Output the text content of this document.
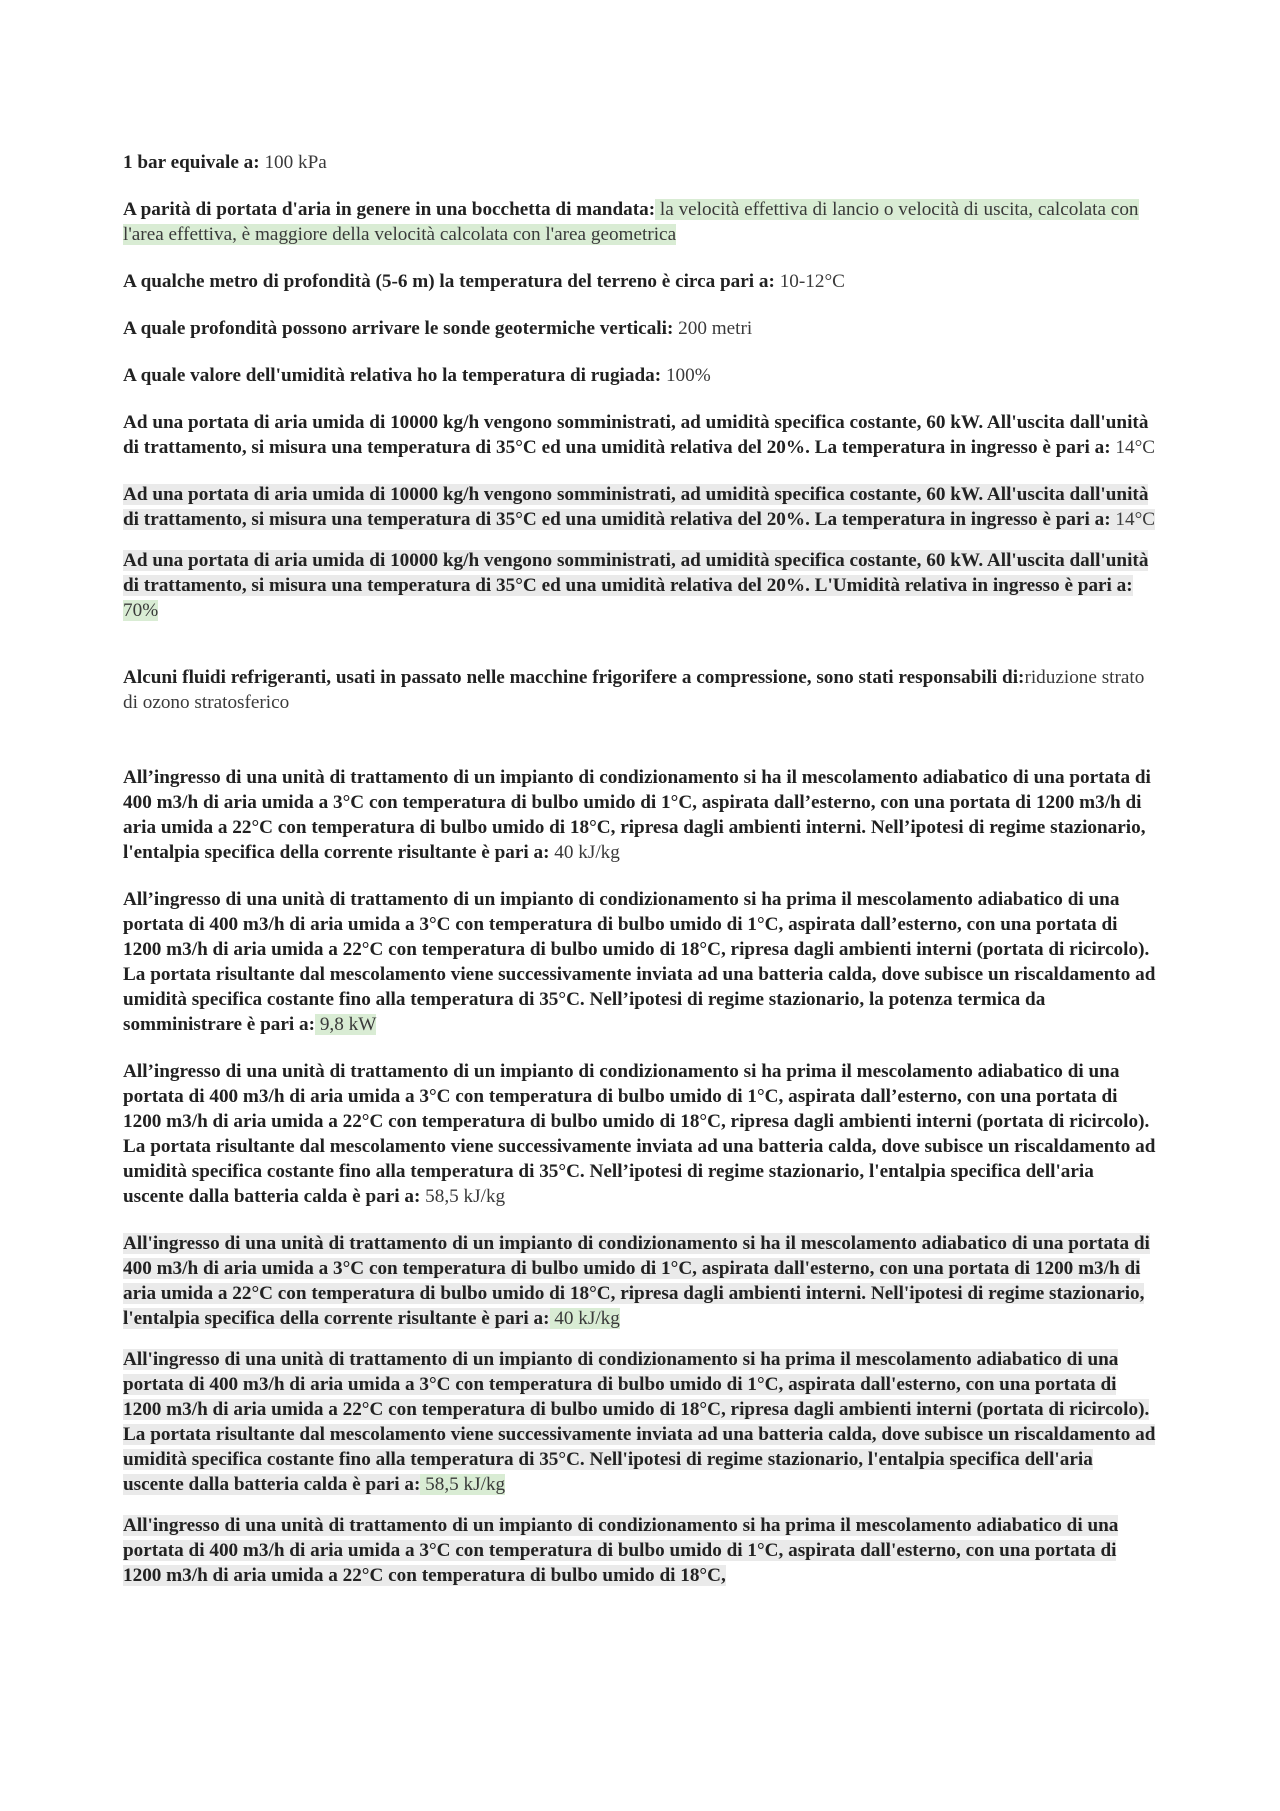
1 bar equivale a: 100 kPa

A parità di portata d'aria in genere in una bocchetta di mandata: la velocità effettiva di lancio o velocità di uscita, calcolata con l'area effettiva, è maggiore della velocità calcolata con l'area geometrica

A qualche metro di profondità (5-6 m) la temperatura del terreno è circa pari a: 10-12°C

A quale profondità possono arrivare le sonde geotermiche verticali: 200 metri

A quale valore dell'umidità relativa ho la temperatura di rugiada: 100%

Ad una portata di aria umida di 10000 kg/h vengono somministrati, ad umidità specifica costante, 60 kW. All'uscita dall'unità di trattamento, si misura una temperatura di 35°C ed una umidità relativa del 20%. La temperatura in ingresso è pari a: 14°C

Ad una portata di aria umida di 10000 kg/h vengono somministrati, ad umidità specifica costante, 60 kW. All'uscita dall'unità di trattamento, si misura una temperatura di 35°C ed una umidità relativa del 20%. La temperatura in ingresso è pari a: 14°C

Ad una portata di aria umida di 10000 kg/h vengono somministrati, ad umidità specifica costante, 60 kW. All'uscita dall'unità di trattamento, si misura una temperatura di 35°C ed una umidità relativa del 20%. L'Umidità relativa in ingresso è pari a: 70%

Alcuni fluidi refrigeranti, usati in passato nelle macchine frigorifere a compressione, sono stati responsabili di:riduzione strato di ozono stratosferico

All’ingresso di una unità di trattamento di un impianto di condizionamento si ha il mescolamento adiabatico di una portata di 400 m3/h di aria umida a 3°C con temperatura di bulbo umido di 1°C, aspirata dall’esterno, con una portata di 1200 m3/h di aria umida a 22°C con temperatura di bulbo umido di 18°C, ripresa dagli ambienti interni. Nell’ipotesi di regime stazionario, l'entalpia specifica della corrente risultante è pari a: 40 kJ/kg

All’ingresso di una unità di trattamento di un impianto di condizionamento si ha prima il mescolamento adiabatico di una portata di 400 m3/h di aria umida a 3°C con temperatura di bulbo umido di 1°C, aspirata dall’esterno, con una portata di 1200 m3/h di aria umida a 22°C con temperatura di bulbo umido di 18°C, ripresa dagli ambienti interni (portata di ricircolo). La portata risultante dal mescolamento viene successivamente inviata ad una batteria calda, dove subisce un riscaldamento ad umidità specifica costante fino alla temperatura di 35°C. Nell’ipotesi di regime stazionario, la potenza termica da somministrare è pari a: 9,8 kW

All’ingresso di una unità di trattamento di un impianto di condizionamento si ha prima il mescolamento adiabatico di una portata di 400 m3/h di aria umida a 3°C con temperatura di bulbo umido di 1°C, aspirata dall’esterno, con una portata di 1200 m3/h di aria umida a 22°C con temperatura di bulbo umido di 18°C, ripresa dagli ambienti interni (portata di ricircolo). La portata risultante dal mescolamento viene successivamente inviata ad una batteria calda, dove subisce un riscaldamento ad umidità specifica costante fino alla temperatura di 35°C. Nell’ipotesi di regime stazionario, l'entalpia specifica dell'aria uscente dalla batteria calda è pari a: 58,5 kJ/kg

All'ingresso di una unità di trattamento di un impianto di condizionamento si ha il mescolamento adiabatico di una portata di 400 m3/h di aria umida a 3°C con temperatura di bulbo umido di 1°C, aspirata dall'esterno, con una portata di 1200 m3/h di aria umida a 22°C con temperatura di bulbo umido di 18°C, ripresa dagli ambienti interni. Nell'ipotesi di regime stazionario, l'entalpia specifica della corrente risultante è pari a: 40 kJ/kg

All'ingresso di una unità di trattamento di un impianto di condizionamento si ha prima il mescolamento adiabatico di una portata di 400 m3/h di aria umida a 3°C con temperatura di bulbo umido di 1°C, aspirata dall'esterno, con una portata di 1200 m3/h di aria umida a 22°C con temperatura di bulbo umido di 18°C, ripresa dagli ambienti interni (portata di ricircolo). La portata risultante dal mescolamento viene successivamente inviata ad una batteria calda, dove subisce un riscaldamento ad umidità specifica costante fino alla temperatura di 35°C. Nell'ipotesi di regime stazionario, l'entalpia specifica dell'aria uscente dalla batteria calda è pari a: 58,5 kJ/kg

All'ingresso di una unità di trattamento di un impianto di condizionamento si ha prima il mescolamento adiabatico di una portata di 400 m3/h di aria umida a 3°C con temperatura di bulbo umido di 1°C, aspirata dall'esterno, con una portata di 1200 m3/h di aria umida a 22°C con temperatura di bulbo umido di 18°C,
